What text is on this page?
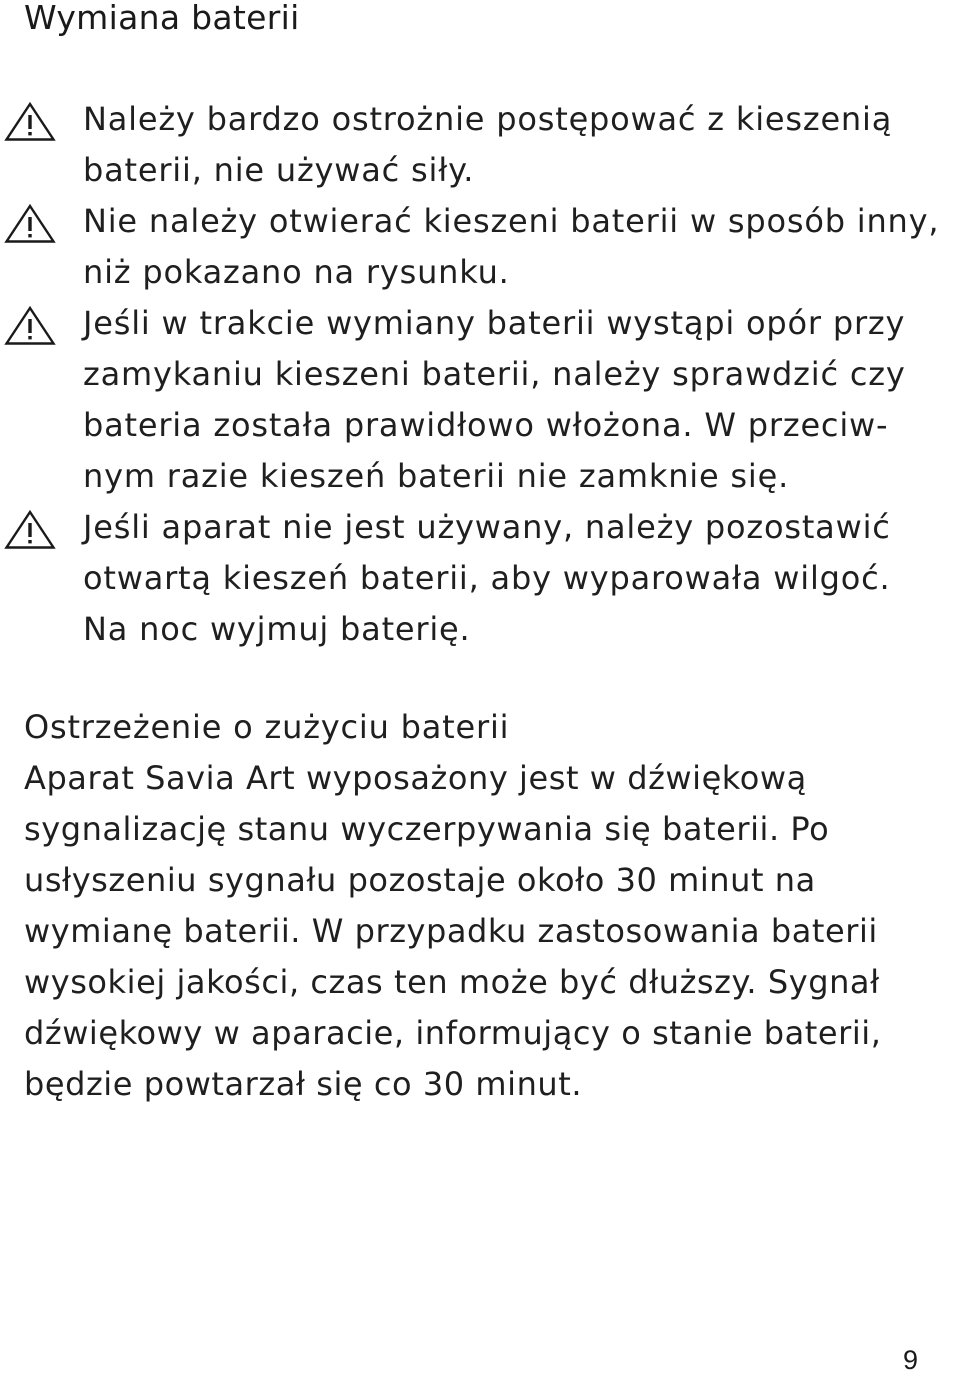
Wymiana baterii
Należy bardzo ostrożnie postępować z kieszenią
baterii, nie używać siły.
Nie należy otwierać kieszeni baterii w sposób inny,
niż pokazano na rysunku.
Jeśli w trakcie wymiany baterii wystąpi opór przy
zamykaniu kieszeni baterii, należy sprawdzić czy
bateria została prawidłowo włożona. W przeciw-
nym razie kieszeń baterii nie zamknie się.
Jeśli aparat nie jest używany, należy pozostawić
otwartą kieszeń baterii, aby wyparowała wilgoć.
Na noc wyjmuj baterię.
Ostrzeżenie o zużyciu baterii
Aparat Savia Art wyposażony jest w dźwiękową
sygnalizację stanu wyczerpywania się baterii. Po
usłyszeniu sygnału pozostaje około 30 minut na
wymianę baterii. W przypadku zastosowania baterii
wysokiej jakości, czas ten może być dłuższy. Sygnał
dźwiękowy w aparacie, informujący o stanie baterii,
będzie powtarzał się co 30 minut.
9
